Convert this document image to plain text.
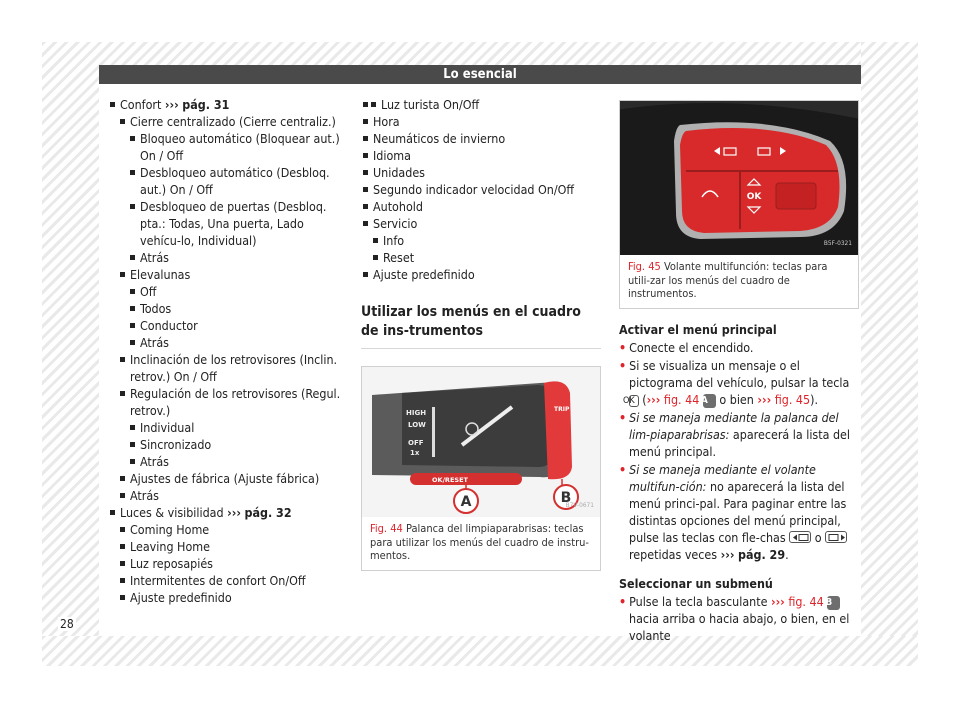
Lo esencial
28
Confort ››› pág. 31
Cierre centralizado (Cierre centraliz.)
Bloqueo automático (Bloquear aut.) On / Off
Desbloqueo automático (Desbloq. aut.) On / Off
Desbloqueo de puertas (Desbloq. pta.: Todas, Una puerta, Lado vehícu-lo, Individual)
Atrás
Elevalunas
Off
Todos
Conductor
Atrás
Inclinación de los retrovisores (Inclin. retrov.) On / Off
Regulación de los retrovisores (Regul. retrov.)
Individual
Sincronizado
Atrás
Ajustes de fábrica (Ajuste fábrica)
Atrás
Luces & visibilidad ››› pág. 32
Coming Home
Leaving Home
Luz reposapiés
Intermitentes de confort On/Off
Ajuste predefinido
Luz turista On/Off
Hora
Neumáticos de invierno
Idioma
Unidades
Segundo indicador velocidad On/Off
Autohold
Servicio
Info
Reset
Ajuste predefinido
Utilizar los menús en el cuadro de ins-trumentos
HIGH
LOW
OFF
1x
TRIP
OK/RESET
A	B
B7V-0671
Fig. 44 Palanca del limpiaparabrisas: teclas para utilizar los menús del cuadro de instru-mentos.
OK
B5F-0321
Fig. 45 Volante multifunción: teclas para utili-zar los menús del cuadro de instrumentos.
Activar el menú principal
• Conecte el encendido.
• Si se visualiza un mensaje o el pictograma del vehículo, pulsar la tecla OK (››› fig. 44 A o bien ››› fig. 45).
• Si se maneja mediante la palanca del lim-piaparabrisas: aparecerá la lista del menú principal.
• Si se maneja mediante el volante multifun-ción: no aparecerá la lista del menú princi-pal. Para paginar entre las distintas opciones del menú principal, pulse las teclas con fle-chas o
repetidas veces ››› pág. 29.
Seleccionar un submenú
• Pulse la tecla basculante ››› fig. 44 B hacia arriba o hacia abajo, o bien, en el volante
